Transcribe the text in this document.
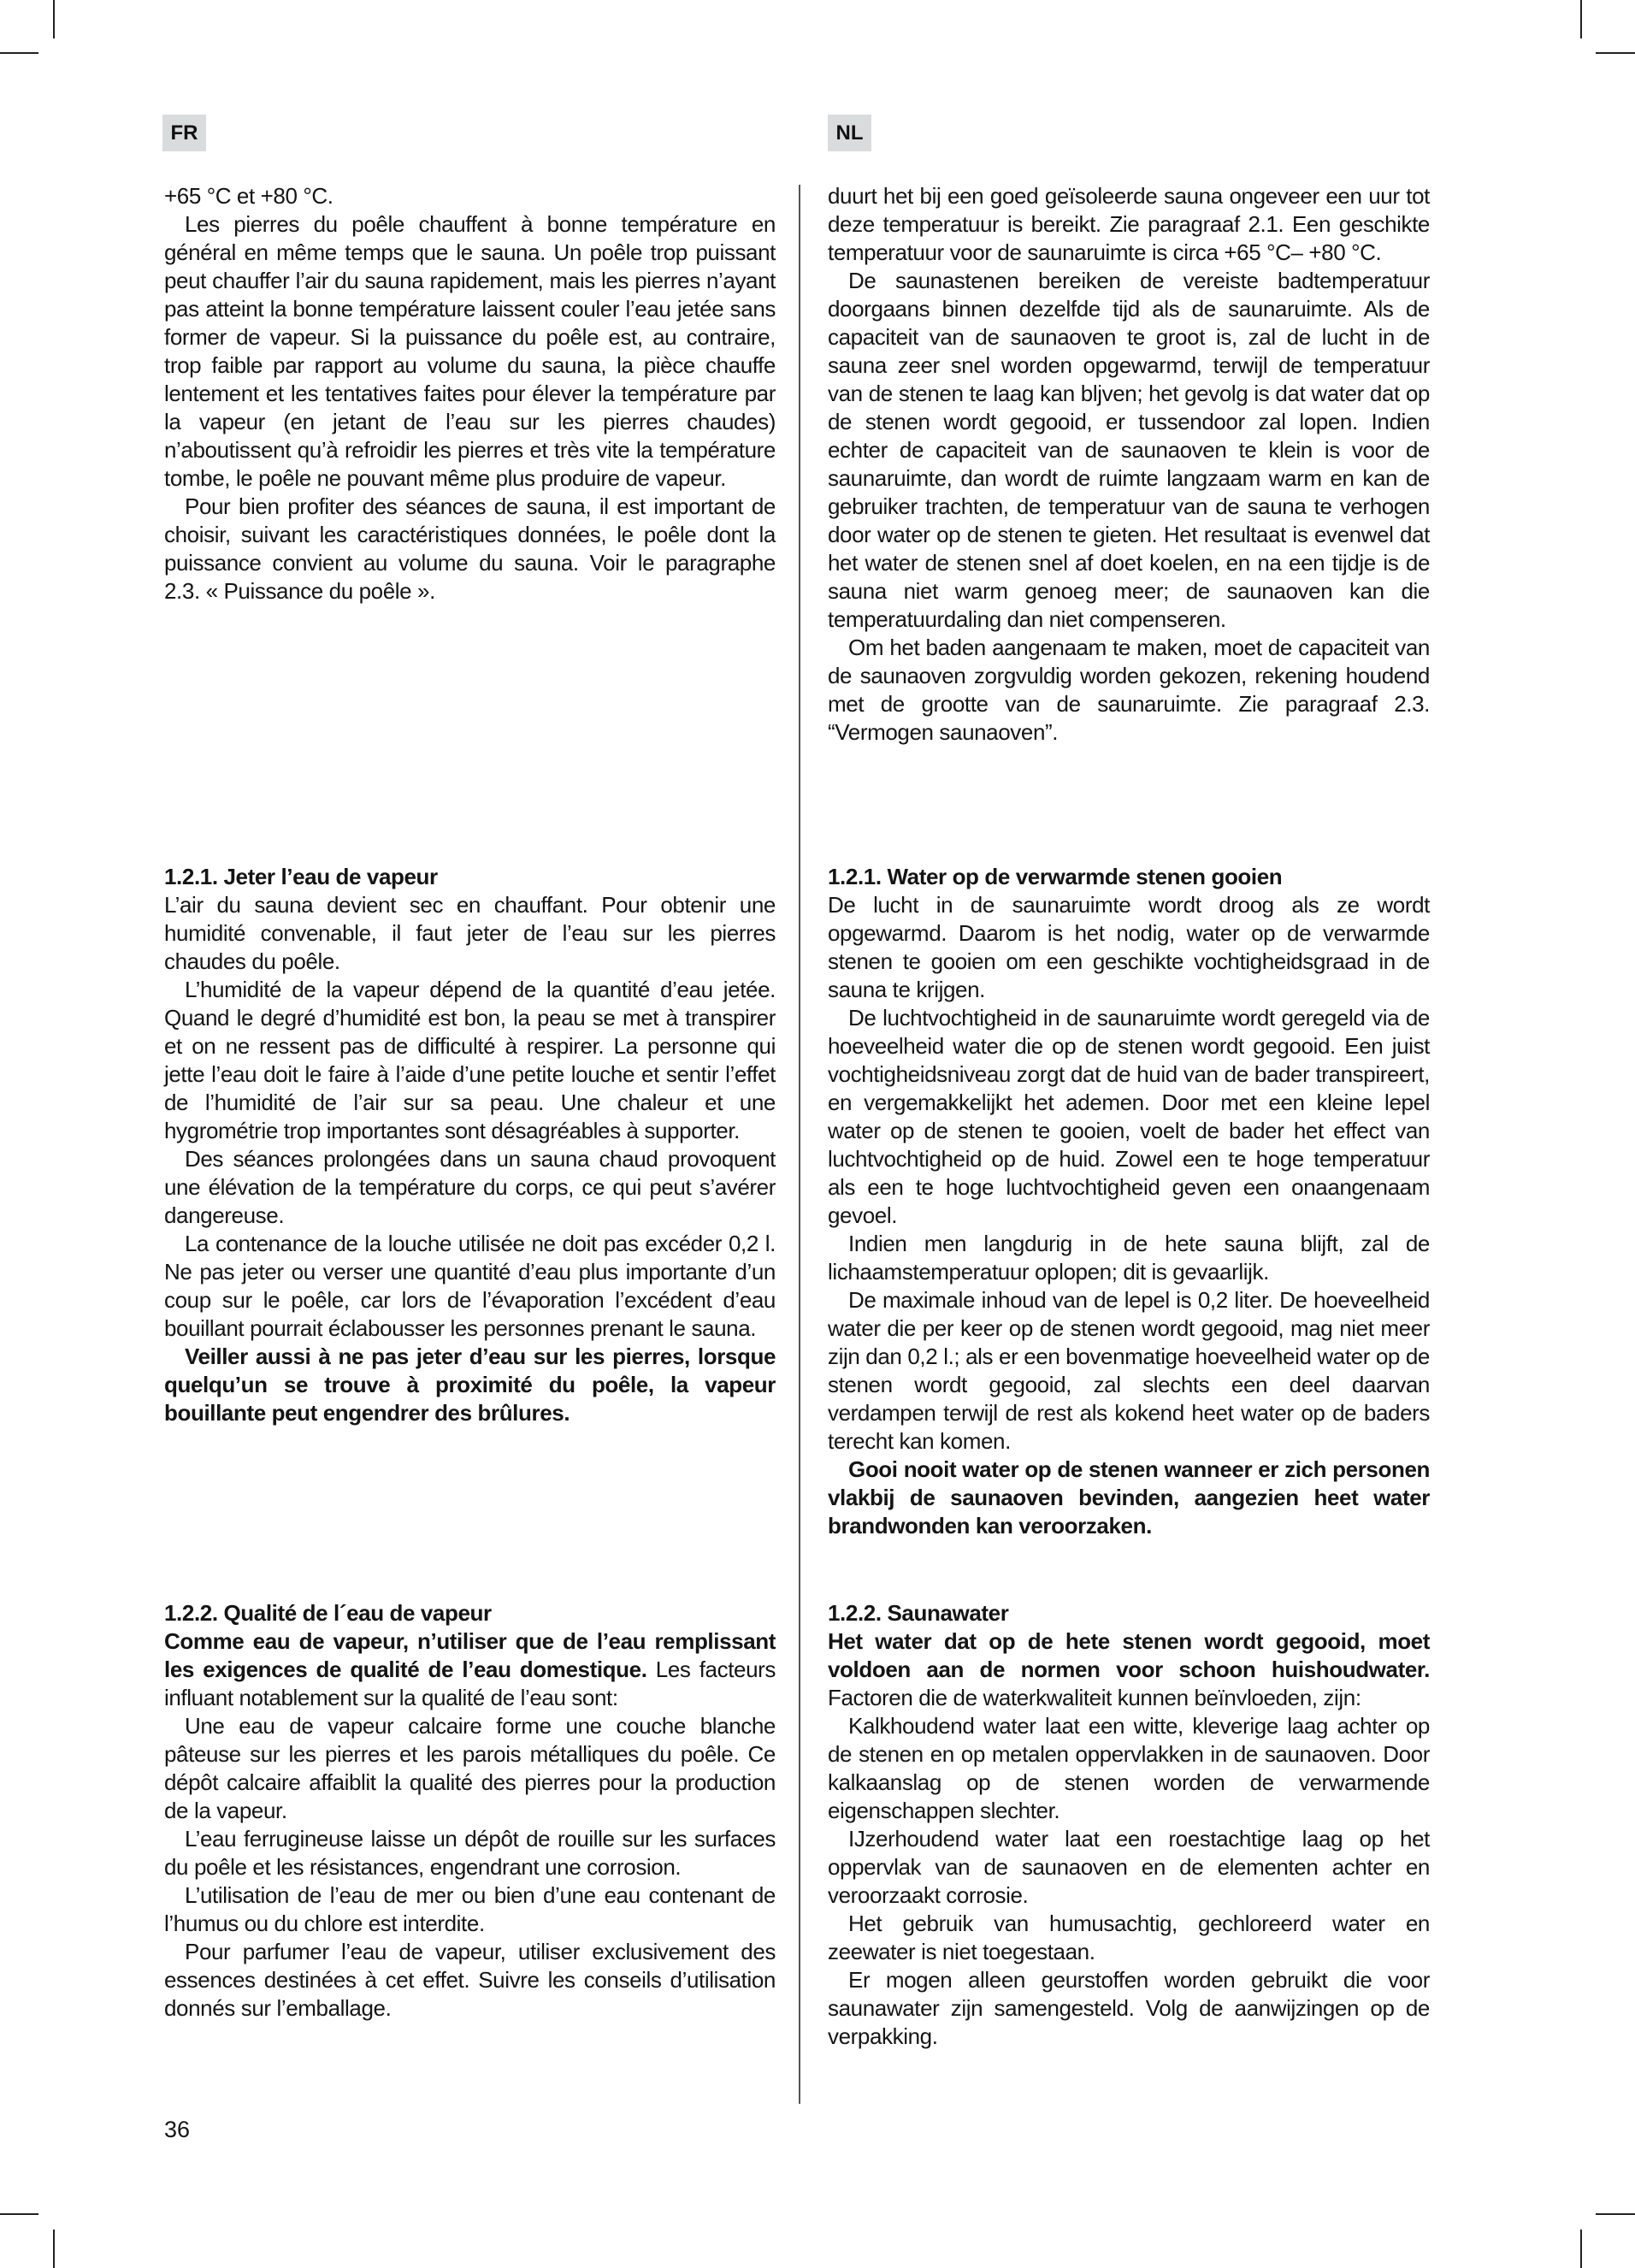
FR	NL

+65 °C et +80 °C.

Les pierres du poêle chauffent à bonne température en général en même temps que le sauna. Un poêle trop puissant peut chauffer l’air du sauna rapidement, mais les pierres n’ayant pas atteint la bonne température laissent couler l’eau jetée sans former de vapeur. Si la puissance du poêle est, au contraire, trop faible par rapport au volume du sauna, la pièce chauffe lentement et les tentatives faites pour élever la température par la vapeur (en jetant de l’eau sur les pierres chaudes) n’aboutissent qu’à refroidir les pierres et très vite la température tombe, le poêle ne pouvant même plus produire de vapeur.

Pour bien profiter des séances de sauna, il est important de choisir, suivant les caractéristiques données, le poêle dont la puissance convient au volume du sauna. Voir le paragraphe 2.3. « Puissance du poêle ».

1.2.1. Jeter l’eau de vapeur

L’air du sauna devient sec en chauffant. Pour obtenir une humidité convenable, il faut jeter de l’eau sur les pierres chaudes du poêle.

L’humidité de la vapeur dépend de la quantité d’eau jetée. Quand le degré d’humidité est bon, la peau se met à transpirer et on ne ressent pas de difficulté à respirer. La personne qui jette l’eau doit le faire à l’aide d’une petite louche et sentir l’effet de l’humidité de l’air sur sa peau. Une chaleur et une hygrométrie trop importantes sont désagréables à supporter.

Des séances prolongées dans un sauna chaud provoquent une élévation de la température du corps, ce qui peut s’avérer dangereuse.

La contenance de la louche utilisée ne doit pas excéder 0,2 l. Ne pas jeter ou verser une quantité d’eau plus importante d’un coup sur le poêle, car lors de l’évaporation l’excédent d’eau bouillant pourrait éclabousser les personnes prenant le sauna.

Veiller aussi à ne pas jeter d’eau sur les pierres, lorsque quelqu’un se trouve à proximité du poêle, la vapeur bouillante peut engendrer des brûlures.

1.2.2. Qualité de l´eau de vapeur

Comme eau de vapeur, n’utiliser que de l’eau remplissant les exigences de qualité de l’eau domestique. Les facteurs influant notablement sur la qualité de l’eau sont:

Une eau de vapeur calcaire forme une couche blanche pâteuse sur les pierres et les parois métalliques du poêle. Ce dépôt calcaire affaiblit la qualité des pierres pour la production de la vapeur.

L’eau ferrugineuse laisse un dépôt de rouille sur les surfaces du poêle et les résistances, engendrant une corrosion.

L’utilisation de l’eau de mer ou bien d’une eau contenant de l’humus ou du chlore est interdite.

Pour parfumer l’eau de vapeur, utiliser exclusivement des essences destinées à cet effet. Suivre les conseils d’utilisation donnés sur l’emballage.

duurt het bij een goed geïsoleerde sauna ongeveer een uur tot deze temperatuur is bereikt. Zie paragraaf 2.1. Een geschikte temperatuur voor de saunaruimte is circa +65 °C– +80 °C.

De saunastenen bereiken de vereiste badtemperatuur doorgaans binnen dezelfde tijd als de saunaruimte. Als de capaciteit van de saunaoven te groot is, zal de lucht in de sauna zeer snel worden opgewarmd, terwijl de temperatuur van de stenen te laag kan bljven; het gevolg is dat water dat op de stenen wordt gegooid, er tussendoor zal lopen. Indien echter de capaciteit van de saunaoven te klein is voor de saunaruimte, dan wordt de ruimte langzaam warm en kan de gebruiker trachten, de temperatuur van de sauna te verhogen door water op de stenen te gieten. Het resultaat is evenwel dat het water de stenen snel af doet koelen, en na een tijdje is de sauna niet warm genoeg meer; de saunaoven kan die temperatuurdaling dan niet compenseren.

Om het baden aangenaam te maken, moet de capaciteit van de saunaoven zorgvuldig worden gekozen, rekening houdend met de grootte van de saunaruimte. Zie paragraaf 2.3. “Vermogen saunaoven”.

1.2.1. Water op de verwarmde stenen gooien

De lucht in de saunaruimte wordt droog als ze wordt opgewarmd. Daarom is het nodig, water op de verwarmde stenen te gooien om een geschikte vochtigheidsgraad in de sauna te krijgen.

De luchtvochtigheid in de saunaruimte wordt geregeld via de hoeveelheid water die op de stenen wordt gegooid. Een juist vochtigheidsniveau zorgt dat de huid van de bader transpireert, en vergemakkelijkt het ademen. Door met een kleine lepel water op de stenen te gooien, voelt de bader het effect van luchtvochtigheid op de huid. Zowel een te hoge temperatuur als een te hoge luchtvochtigheid geven een onaangenaam gevoel.

Indien men langdurig in de hete sauna blijft, zal de lichaamstemperatuur oplopen; dit is gevaarlijk.

De maximale inhoud van de lepel is 0,2 liter. De hoeveelheid water die per keer op de stenen wordt gegooid, mag niet meer zijn dan 0,2 l.; als er een bovenmatige hoeveelheid water op de stenen wordt gegooid, zal slechts een deel daarvan verdampen terwijl de rest als kokend heet water op de baders terecht kan komen.

Gooi nooit water op de stenen wanneer er zich personen vlakbij de saunaoven bevinden, aangezien heet water brandwonden kan veroorzaken.

1.2.2. Saunawater

Het water dat op de hete stenen wordt gegooid, moet voldoen aan de normen voor schoon huishoudwater. Factoren die de waterkwaliteit kunnen beïnvloeden, zijn:

Kalkhoudend water laat een witte, kleverige laag achter op de stenen en op metalen oppervlakken in de saunaoven. Door kalkaanslag op de stenen worden de verwarmende eigenschappen slechter.

IJzerhoudend water laat een roestachtige laag op het oppervlak van de saunaoven en de elementen achter en veroorzaakt corrosie.

Het gebruik van humusachtig, gechloreerd water en zeewater is niet toegestaan.

Er mogen alleen geurstoffen worden gebruikt die voor saunawater zijn samengesteld. Volg de aanwijzingen op de verpakking.

36
